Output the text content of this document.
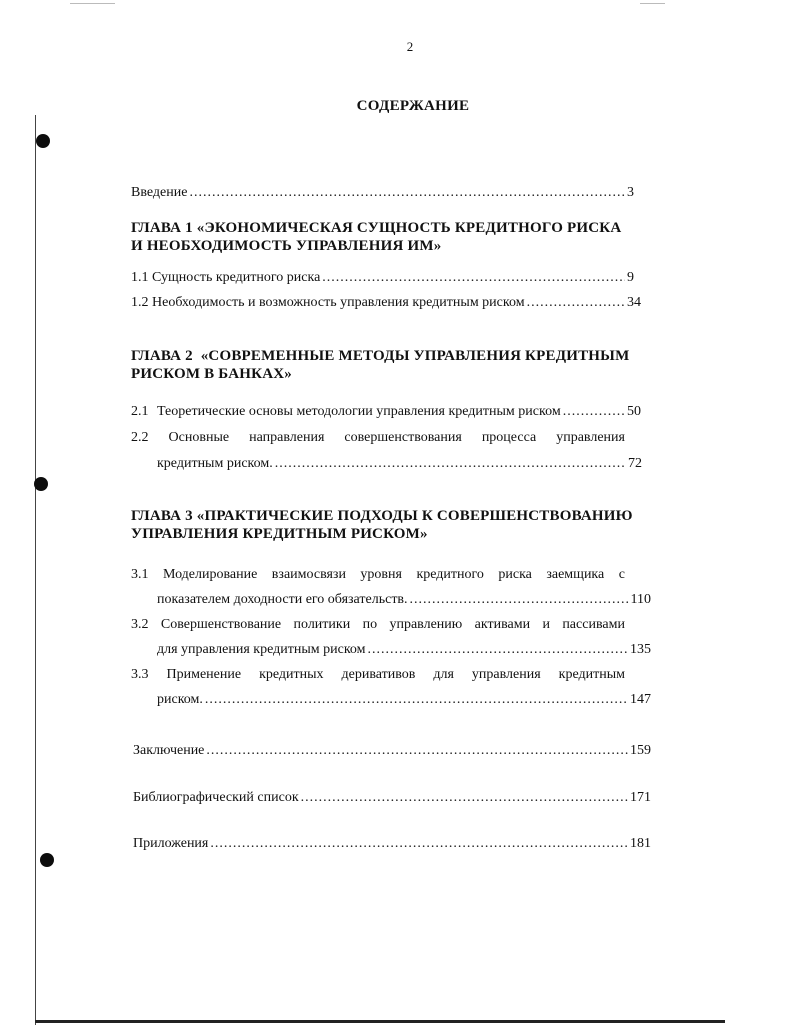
2
СОДЕРЖАНИЕ
Введение .....	3
ГЛАВА 1 «ЭКОНОМИЧЕСКАЯ СУЩНОСТЬ КРЕДИТНОГО РИСКА
И НЕОБХОДИМОСТЬ УПРАВЛЕНИЯ ИМ»
1.1 Сущность кредитного риска .....	9
1.2 Необходимость и возможность управления кредитным риском .....	34
ГЛАВА 2  «СОВРЕМЕННЫЕ МЕТОДЫ УПРАВЛЕНИЯ КРЕДИТНЫМ
РИСКОМ В БАНКАХ»
2.1 Теоретические основы методологии управления кредитным риском .....	50
2.2 Основные направления совершенствования процесса управления
кредитным риском. .....	72
ГЛАВА 3 «ПРАКТИЧЕСКИЕ ПОДХОДЫ К СОВЕРШЕНСТВОВАНИЮ
УПРАВЛЕНИЯ КРЕДИТНЫМ РИСКОМ»
3.1 Моделирование взаимосвязи уровня кредитного риска заемщика с
показателем доходности его обязательств. .....	110
3.2 Совершенствование политики по управлению активами и пассивами
для управления кредитным риском .....	135
3.3 Применение кредитных деривативов для управления кредитным
риском. .....	147
Заключение .....	159
Библиографический список .....	171
Приложения .....	181
